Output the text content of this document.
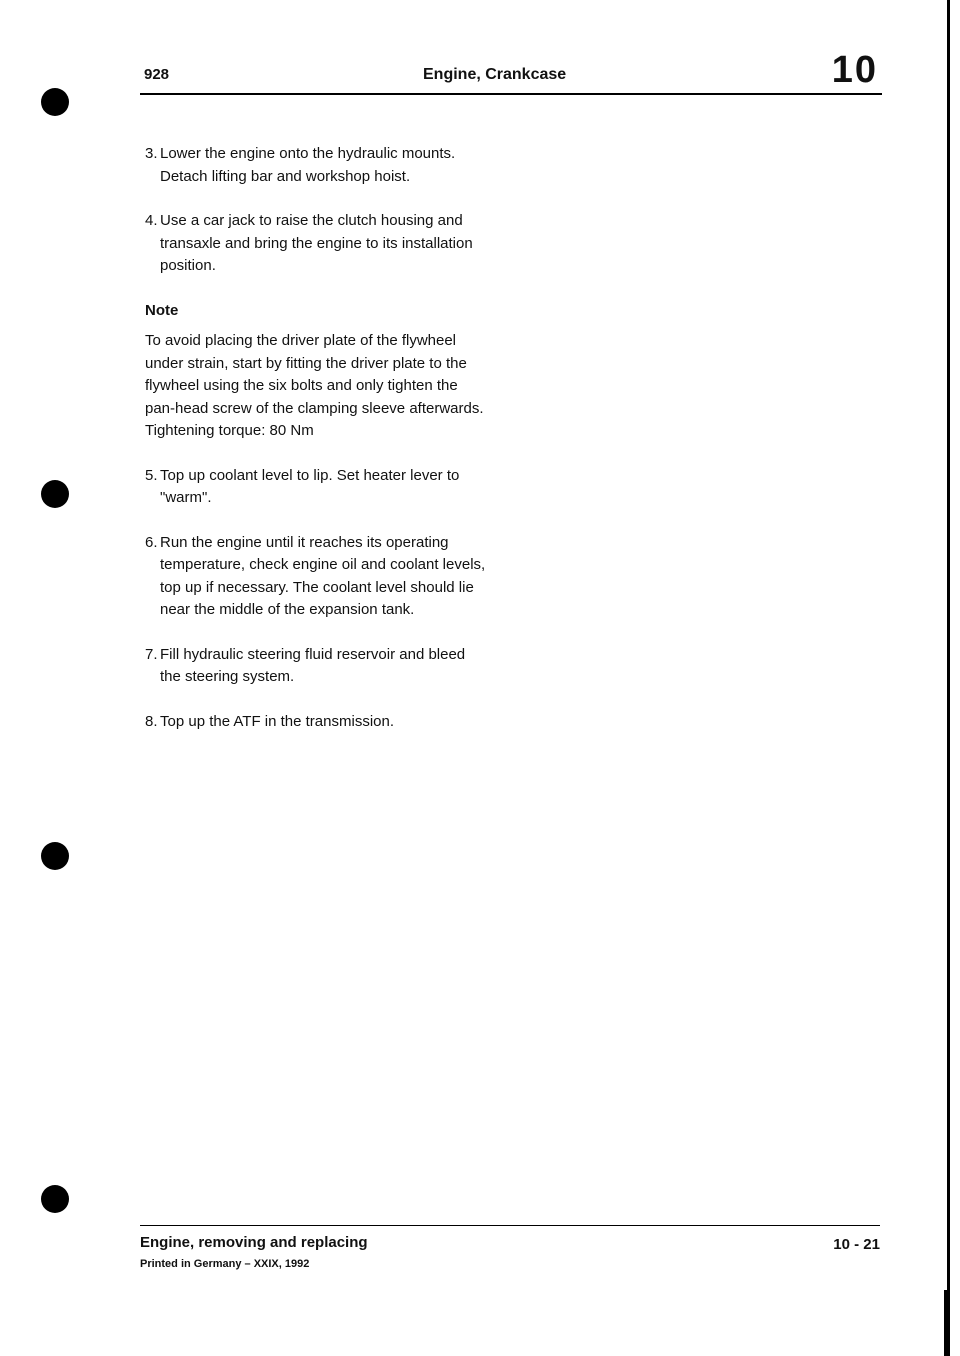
928	Engine, Crankcase	10
3. Lower the engine onto the hydraulic mounts. Detach lifting bar and workshop hoist.
4. Use a car jack to raise the clutch housing and transaxle and bring the engine to its installation position.
Note

To avoid placing the driver plate of the flywheel under strain, start by fitting the driver plate to the flywheel using the six bolts and only tighten the pan-head screw of the clamping sleeve afterwards.

Tightening torque: 80 Nm

5. Top up coolant level to lip. Set heater lever to "warm".
6. Run the engine until it reaches its operating temperature, check engine oil and coolant levels, top up if necessary. The coolant level should lie near the middle of the expansion tank.
7. Fill hydraulic steering fluid reservoir and bleed the steering system.
8. Top up the ATF in the transmission.
Engine, removing and replacing	10 - 21
Printed in Germany – XXIX, 1992
